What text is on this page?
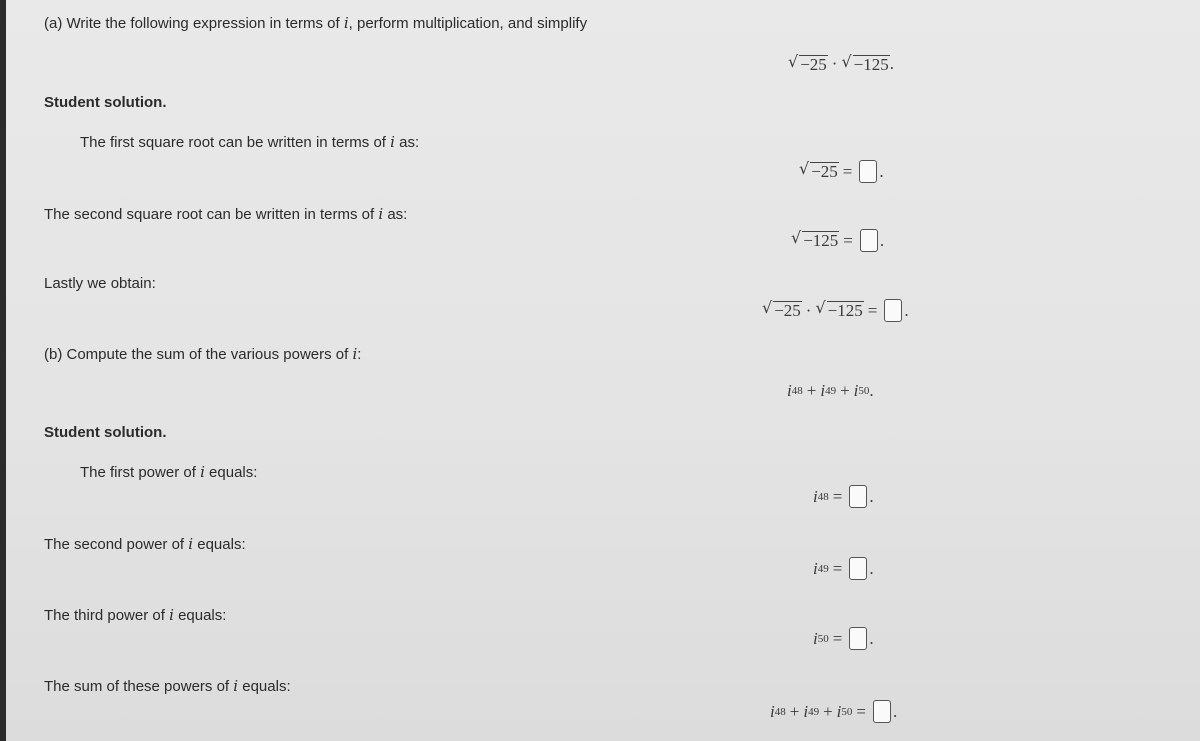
(a) Write the following expression in terms of i, perform multiplication, and simplify
√ −25 · √ −125 .
Student solution.
The first square root can be written in terms of i as:
√ −25 = .
The second square root can be written in terms of i as:
√ −125 = .
Lastly we obtain:
√ −25 · √ −125 = .
(b) Compute the sum of the various powers of i:
i 48 + i 49 + i 50 .
Student solution.
The first power of i equals:
i 48 = .
The second power of i equals:
i 49 = .
The third power of i equals:
i 50 = .
The sum of these powers of i equals:
i 48 + i 49 + i 50 = .
